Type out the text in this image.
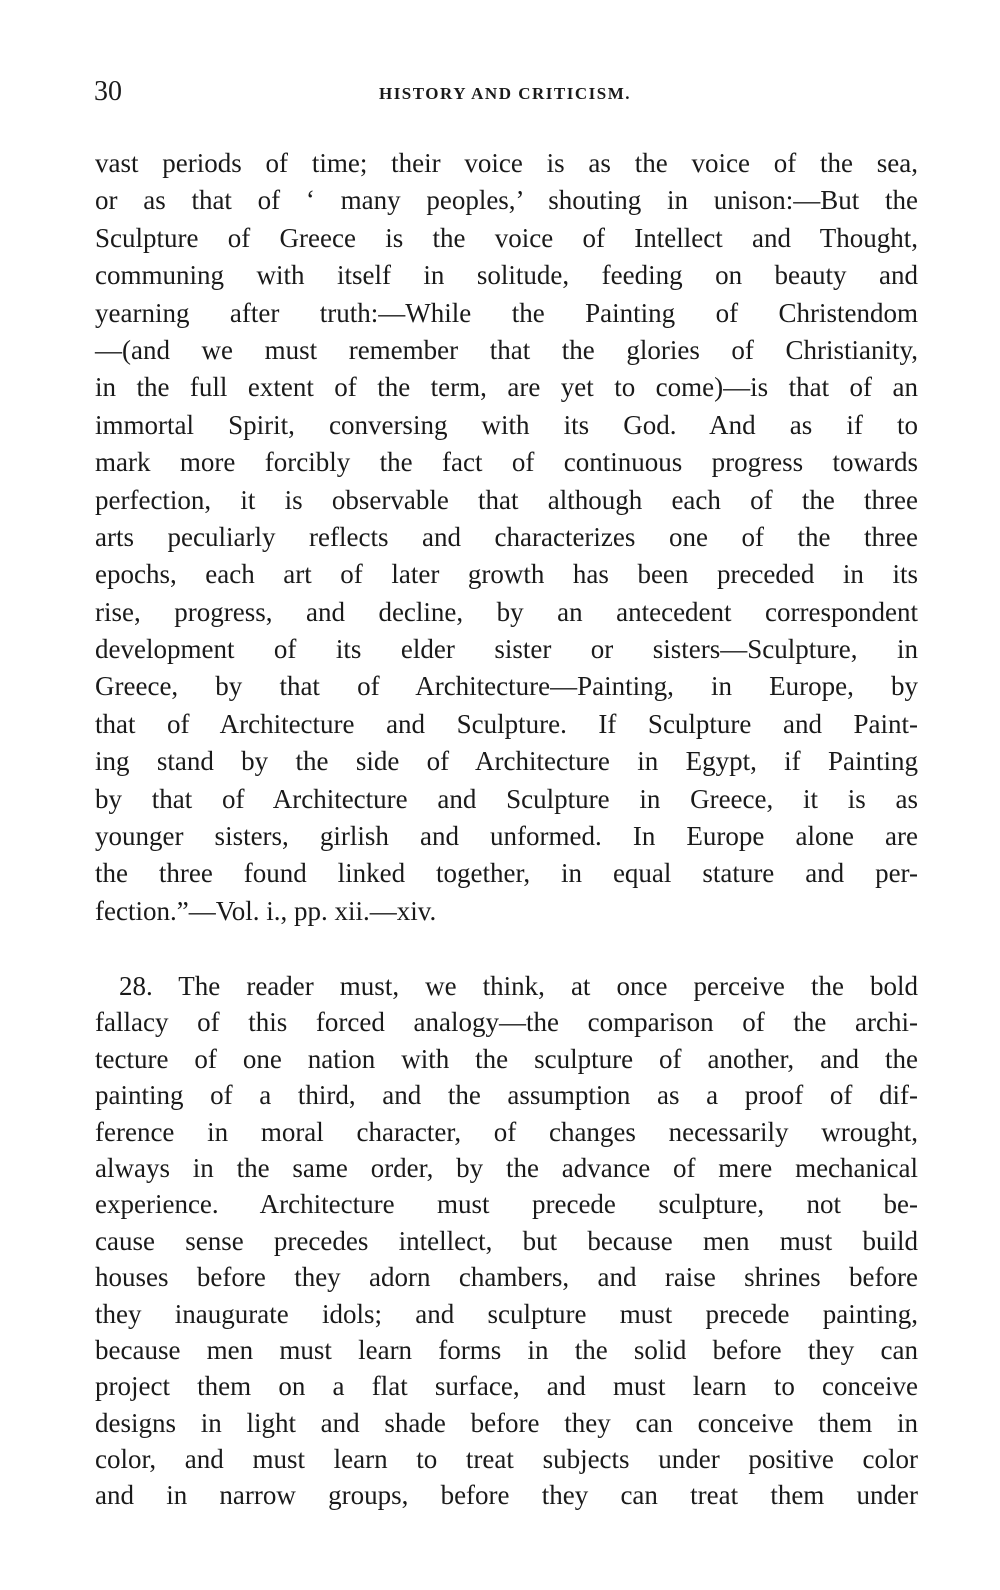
30	HISTORY AND CRITICISM.
vast periods of time; their voice is as the voice of the sea,
or as that of ‘ many peoples,’ shouting in unison:—But the
Sculpture of Greece is the voice of Intellect and Thought,
communing with itself in solitude, feeding on beauty and
yearning after truth:—While the Painting of Christendom
—(and we must remember that the glories of Christianity,
in the full extent of the term, are yet to come)—is that of an
immortal Spirit, conversing with its God. And as if to
mark more forcibly the fact of continuous progress towards
perfection, it is observable that although each of the three
arts peculiarly reflects and characterizes one of the three
epochs, each art of later growth has been preceded in its
rise, progress, and decline, by an antecedent correspondent
development of its elder sister or sisters—Sculpture, in
Greece, by that of Architecture—Painting, in Europe, by
that of Architecture and Sculpture. If Sculpture and Paint-
ing stand by the side of Architecture in Egypt, if Painting
by that of Architecture and Sculpture in Greece, it is as
younger sisters, girlish and unformed. In Europe alone are
the three found linked together, in equal stature and per-
fection.”—Vol. i., pp. xii.—xiv.
28. The reader must, we think, at once perceive the bold
fallacy of this forced analogy—the comparison of the archi-
tecture of one nation with the sculpture of another, and the
painting of a third, and the assumption as a proof of dif-
ference in moral character, of changes necessarily wrought,
always in the same order, by the advance of mere mechanical
experience. Architecture must precede sculpture, not be-
cause sense precedes intellect, but because men must build
houses before they adorn chambers, and raise shrines before
they inaugurate idols; and sculpture must precede painting,
because men must learn forms in the solid before they can
project them on a flat surface, and must learn to conceive
designs in light and shade before they can conceive them in
color, and must learn to treat subjects under positive color
and in narrow groups, before they can treat them under
